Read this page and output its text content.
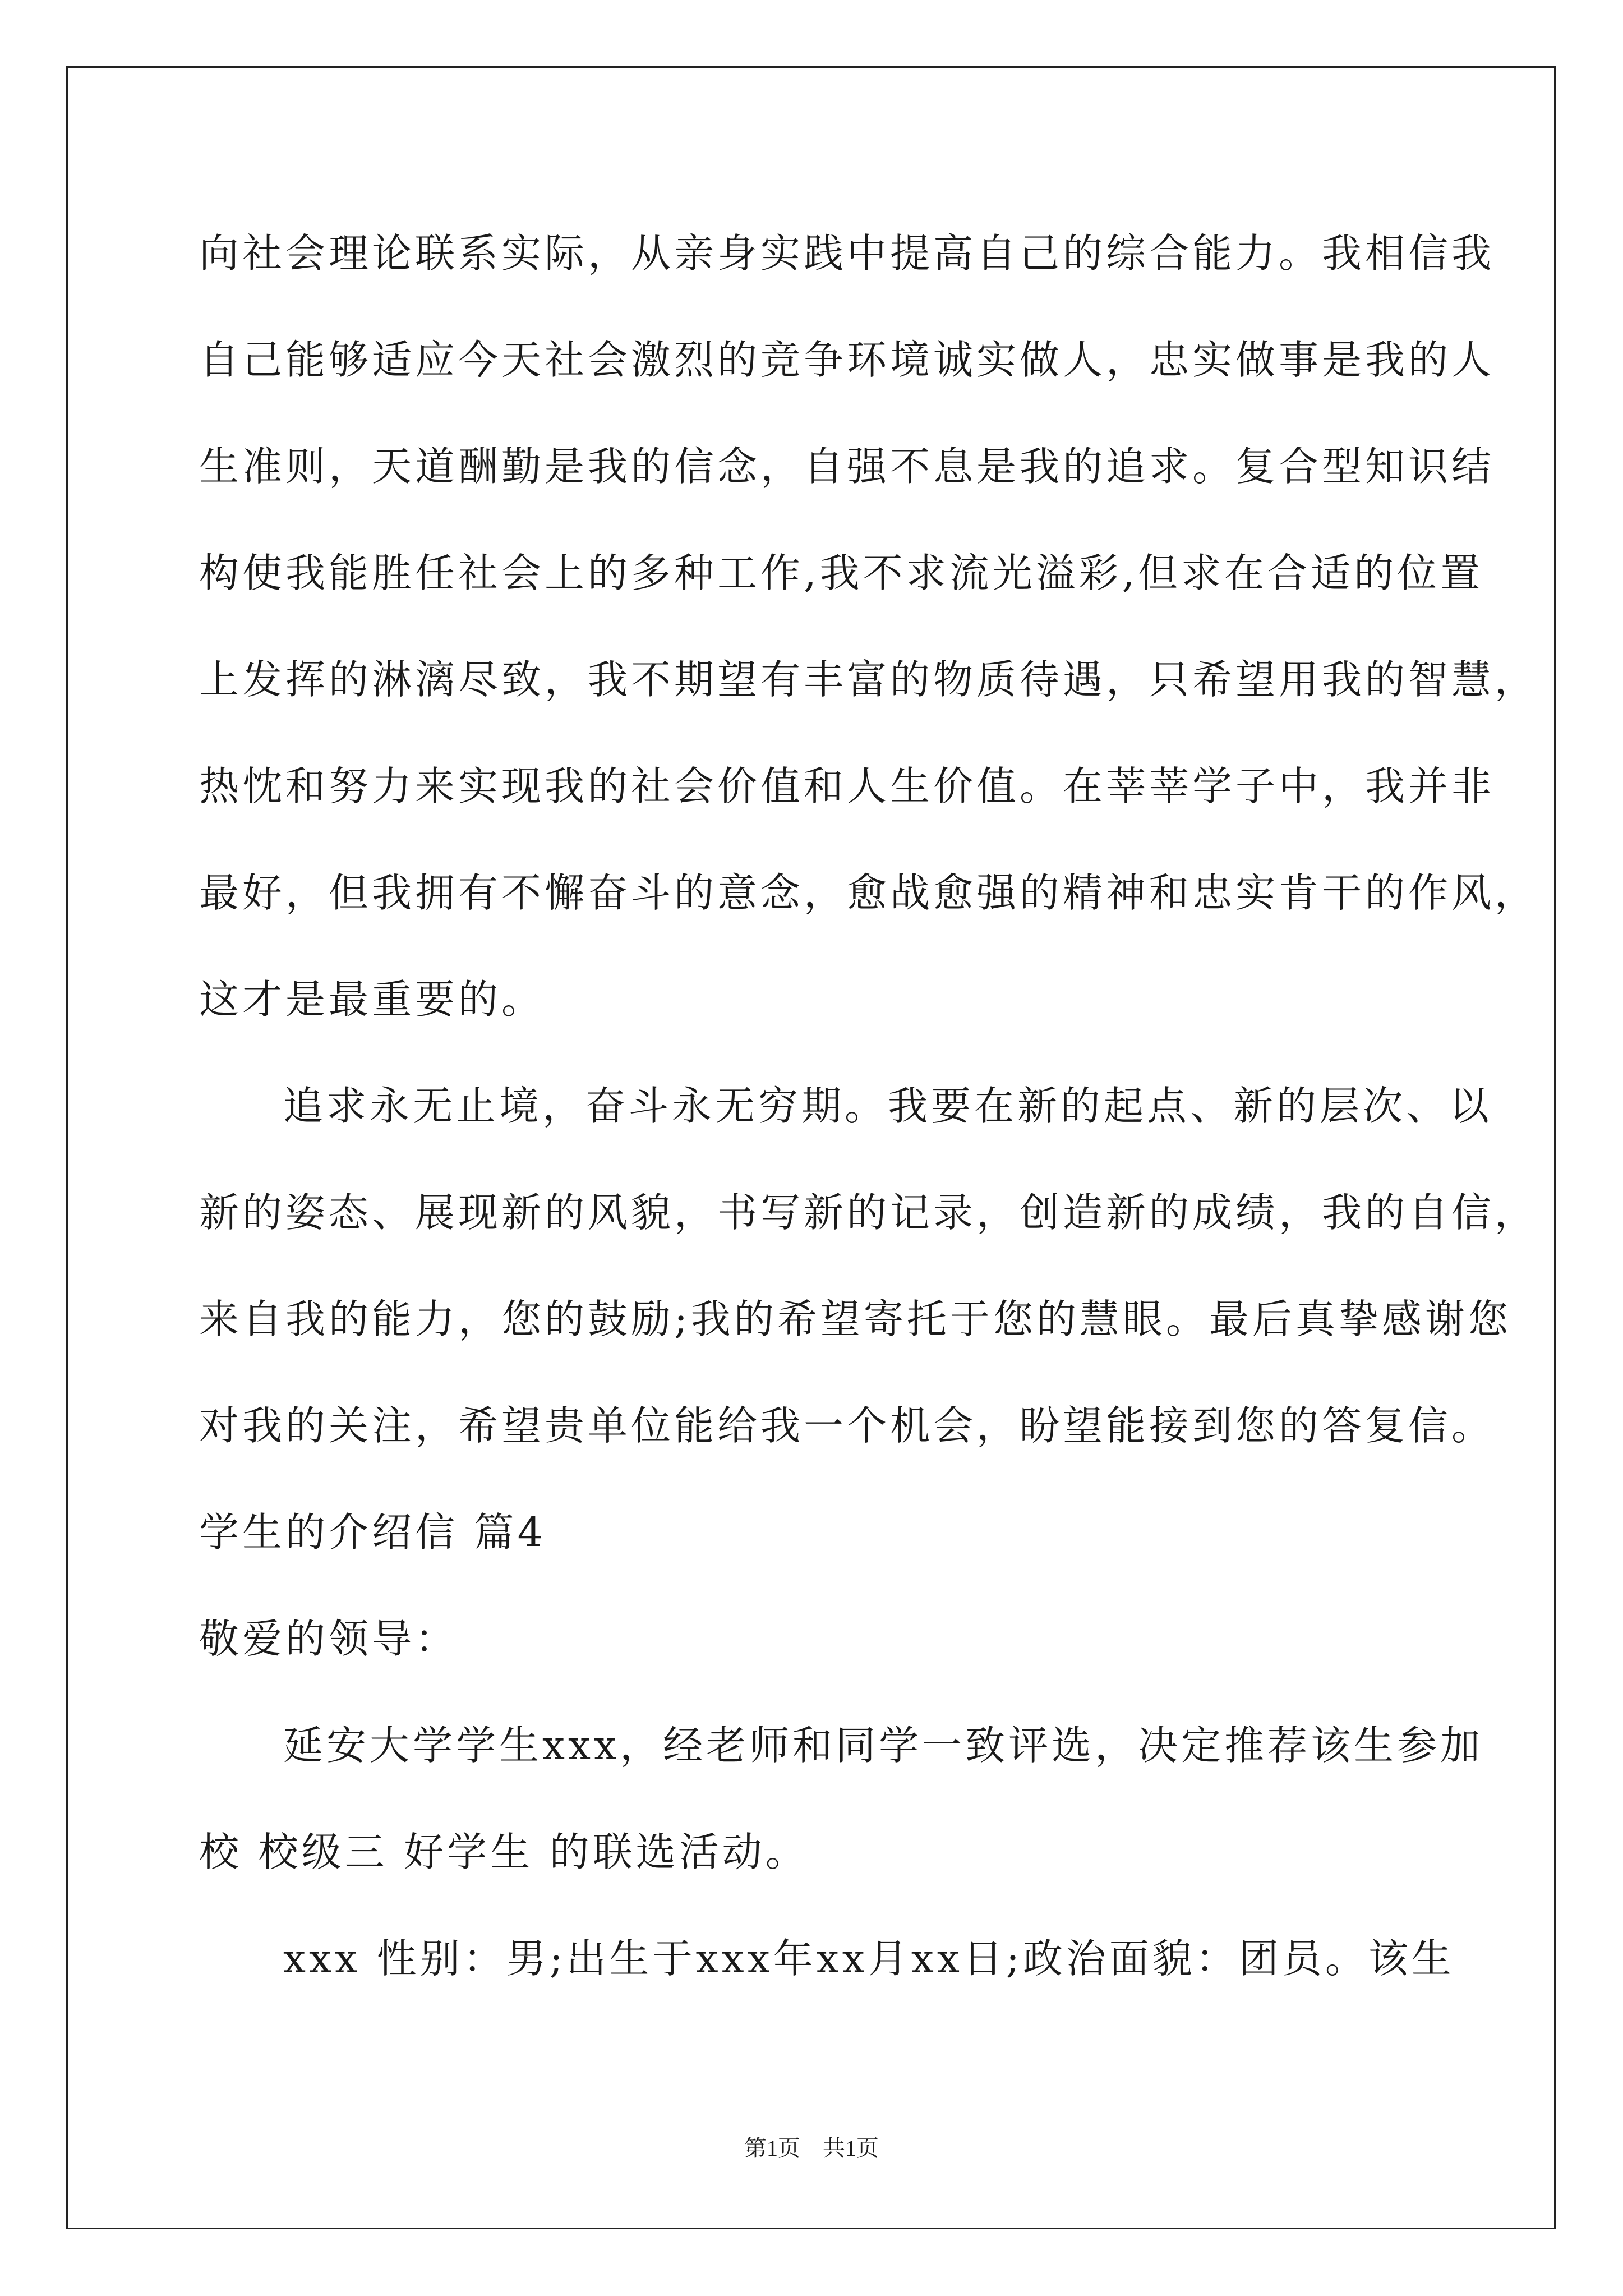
向社会理论联系实际，从亲身实践中提高自己的综合能力。我相信我
自己能够适应今天社会激烈的竞争环境诚实做人，忠实做事是我的人
生准则，天道酬勤是我的信念，自强不息是我的追求。复合型知识结
构使我能胜任社会上的多种工作,我不求流光溢彩,但求在合适的位置
上发挥的淋漓尽致，我不期望有丰富的物质待遇，只希望用我的智慧，
热忱和努力来实现我的社会价值和人生价值。在莘莘学子中，我并非
最好，但我拥有不懈奋斗的意念，愈战愈强的精神和忠实肯干的作风，
这才是最重要的。
追求永无止境，奋斗永无穷期。我要在新的起点、新的层次、以
新的姿态、展现新的风貌，书写新的记录，创造新的成绩，我的自信，
来自我的能力，您的鼓励;我的希望寄托于您的慧眼。最后真挚感谢您
对我的关注，希望贵单位能给我一个机会，盼望能接到您的答复信。
学生的介绍信 篇4
敬爱的领导：
延安大学学生xxx，经老师和同学一致评选，决定推荐该生参加
校 校级三 好学生 的联选活动。
xxx 性别：男;出生于xxx年xx月xx日;政治面貌：团员。该生
第1页　共1页
